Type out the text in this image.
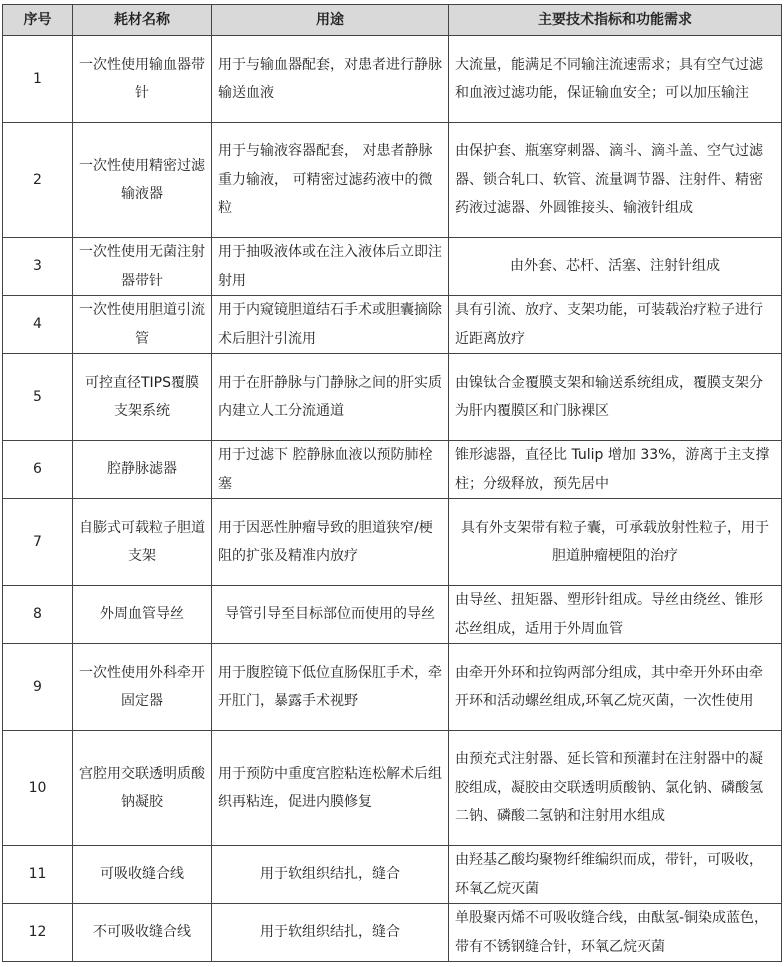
序号	耗材名称	用途	主要技术指标和功能需求
1	一次性使用输血器带针	用于与输血器配套，对患者进行静脉输送血液	大流量，能满足不同输注流速需求；具有空气过滤和血液过滤功能，保证输血安全；可以加压输注
2	一次性使用精密过滤输液器	用于与输液容器配套， 对患者静脉重力输液， 可精密过滤药液中的微粒	由保护套、瓶塞穿刺器、滴斗、滴斗盖、空气过滤器、锁合轧口、软管、流量调节器、注射件、精密药液过滤器、外圆锥接头、输液针组成
3	一次性使用无菌注射器带针	用于抽吸液体或在注入液体后立即注射用	由外套、芯杆、活塞、注射针组成
4	一次性使用胆道引流管	用于内窥镜胆道结石手术或胆囊摘除术后胆汁引流用	具有引流、放疗、支架功能，可装载治疗粒子进行近距离放疗
5	可控直径TIPS覆膜支架系统	用于在肝静脉与门静脉之间的肝实质内建立人工分流通道	由镍钛合金覆膜支架和输送系统组成，覆膜支架分为肝内覆膜区和门脉裸区
6	腔静脉滤器	用于过滤下 腔静脉血液以预防肺栓塞	锥形滤器，直径比 Tulip 增加 33%，游离于主支撑柱；分级释放，预先居中
7	自膨式可载粒子胆道支架	用于因恶性肿瘤导致的胆道狭窄/梗阻的扩张及精准内放疗	具有外支架带有粒子囊，可承载放射性粒子，用于胆道肿瘤梗阻的治疗
8	外周血管导丝	导管引导至目标部位而使用的导丝	由导丝、扭矩器、塑形针组成。导丝由绕丝、锥形芯丝组成，适用于外周血管
9	一次性使用外科牵开固定器	用于腹腔镜下低位直肠保肛手术，牵开肛门，暴露手术视野	由牵开外环和拉钩两部分组成，其中牵开外环由牵开环和活动螺丝组成,环氧乙烷灭菌，一次性使用
10	宫腔用交联透明质酸钠凝胶	用于预防中重度宫腔粘连松解术后组织再粘连，促进内膜修复	由预充式注射器、延长管和预灌封在注射器中的凝胶组成，凝胶由交联透明质酸钠、氯化钠、磷酸氢二钠、磷酸二氢钠和注射用水组成
11	可吸收缝合线	用于软组织结扎，缝合	由羟基乙酸均聚物纤维编织而成，带针，可吸收，环氧乙烷灭菌
12	不可吸收缝合线	用于软组织结扎，缝合	单股聚丙烯不可吸收缝合线，由酞氢-铜染成蓝色，带有不锈钢缝合针，环氧乙烷灭菌
